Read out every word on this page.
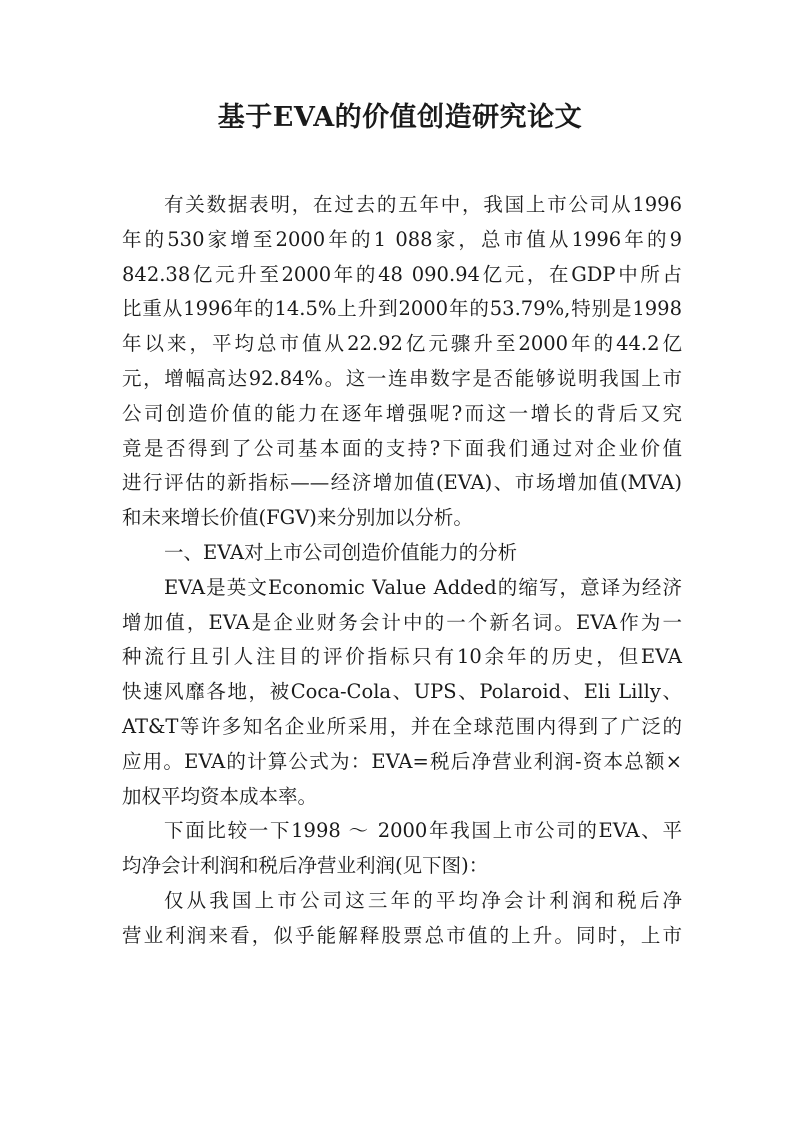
基于EVA的价值创造研究论文
有关数据表明，在过去的五年中，我国上市公司从1996
年的530家增至2000年的1 088家，总市值从1996年的9
842.38亿元升至2000年的48 090.94亿元，在GDP中所占
比重从1996年的14.5%上升到2000年的53.79%,特别是1998
年以来，平均总市值从22.92亿元骤升至2000年的44.2亿
元，增幅高达92.84%。这一连串数字是否能够说明我国上市
公司创造价值的能力在逐年增强呢?而这一增长的背后又究
竟是否得到了公司基本面的支持?下面我们通过对企业价值
进行评估的新指标——经济增加值(EVA)、市场增加值(MVA)
和未来增长价值(FGV)来分别加以分析。
一、EVA对上市公司创造价值能力的分析
EVA是英文Economic Value Added的缩写，意译为经济
增加值，EVA是企业财务会计中的一个新名词。EVA作为一
种流行且引人注目的评价指标只有10余年的历史，但EVA
快速风靡各地，被Coca-Cola、UPS、Polaroid、Eli Lilly、
AT&T等许多知名企业所采用，并在全球范围内得到了广泛的
应用。EVA的计算公式为：EVA=税后净营业利润-资本总额×
加权平均资本成本率。
下面比较一下1998 ～ 2000年我国上市公司的EVA、平
均净会计利润和税后净营业利润(见下图)：
仅从我国上市公司这三年的平均净会计利润和税后净
营业利润来看，似乎能解释股票总市值的上升。同时，上市
